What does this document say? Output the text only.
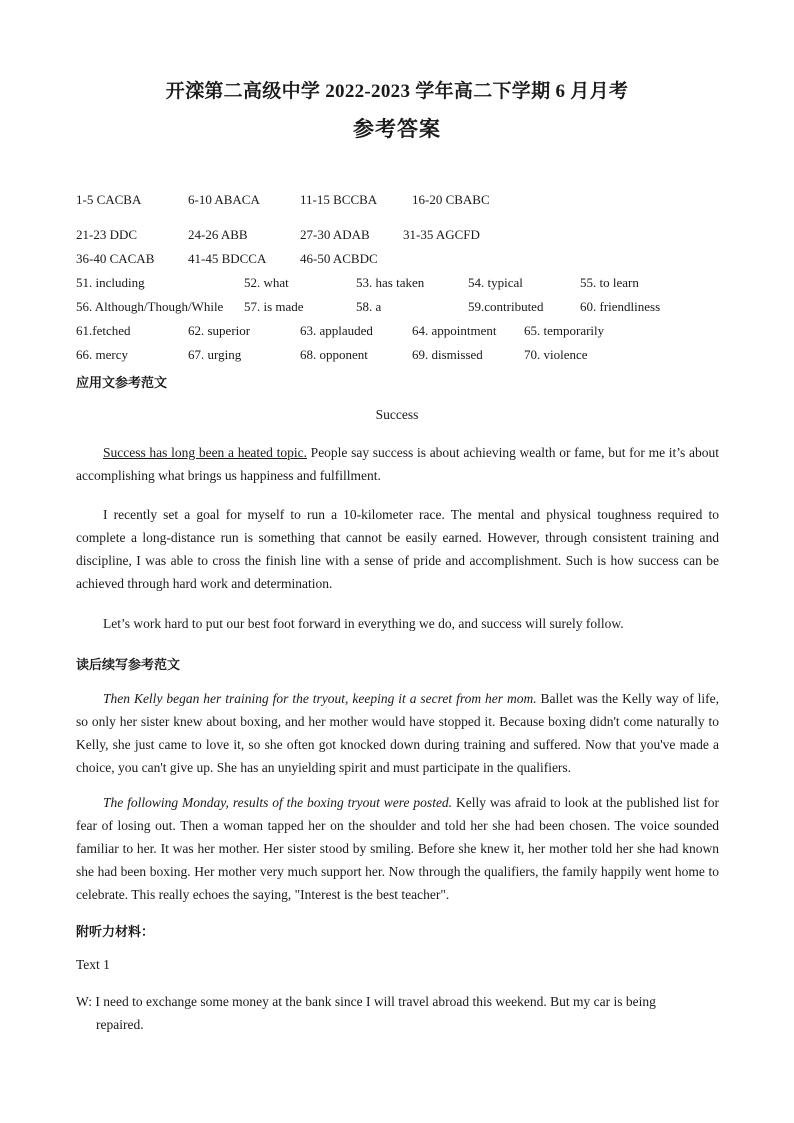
开滦第二高级中学 2022-2023 学年高二下学期 6 月月考
参考答案
1-5 CACBA	6-10 ABACA	11-15 BCCBA	16-20 CBABC
21-23 DDC	24-26 ABB	27-30 ADAB	31-35 AGCFD
36-40 CACAB	41-45 BDCCA	46-50 ACBDC
51. including	52. what	53. has taken	54. typical	55. to learn
56. Although/Though/While 57. is made	58. a	59.contributed	60. friendliness
61.fetched	62. superior	63. applauded	64. appointment 65. temporarily
66. mercy	67. urging	68. opponent	69. dismissed	70. violence
应用文参考范文
Success
Success has long been a heated topic. People say success is about achieving wealth or fame, but for me it’s about accomplishing what brings us happiness and fulfillment.
I recently set a goal for myself to run a 10-kilometer race. The mental and physical toughness required to complete a long-distance run is something that cannot be easily earned. However, through consistent training and discipline, I was able to cross the finish line with a sense of pride and accomplishment. Such is how success can be achieved through hard work and determination.
Let’s work hard to put our best foot forward in everything we do, and success will surely follow.
读后续写参考范文
Then Kelly began her training for the tryout, keeping it a secret from her mom. Ballet was the Kelly way of life, so only her sister knew about boxing, and her mother would have stopped it. Because boxing didn't come naturally to Kelly, she just came to love it, so she often got knocked down during training and suffered. Now that you've made a choice, you can't give up. She has an unyielding spirit and must participate in the qualifiers.
The following Monday, results of the boxing tryout were posted. Kelly was afraid to look at the published list for fear of losing out. Then a woman tapped her on the shoulder and told her she had been chosen. The voice sounded familiar to her. It was her mother. Her sister stood by smiling. Before she knew it, her mother told her she had known she had been boxing. Her mother very much support her. Now through the qualifiers, the family happily went home to celebrate. This really echoes the saying, "Interest is the best teacher".
附听力材料：
Text 1
W: I need to exchange some money at the bank since I will travel abroad this weekend. But my car is being repaired.
